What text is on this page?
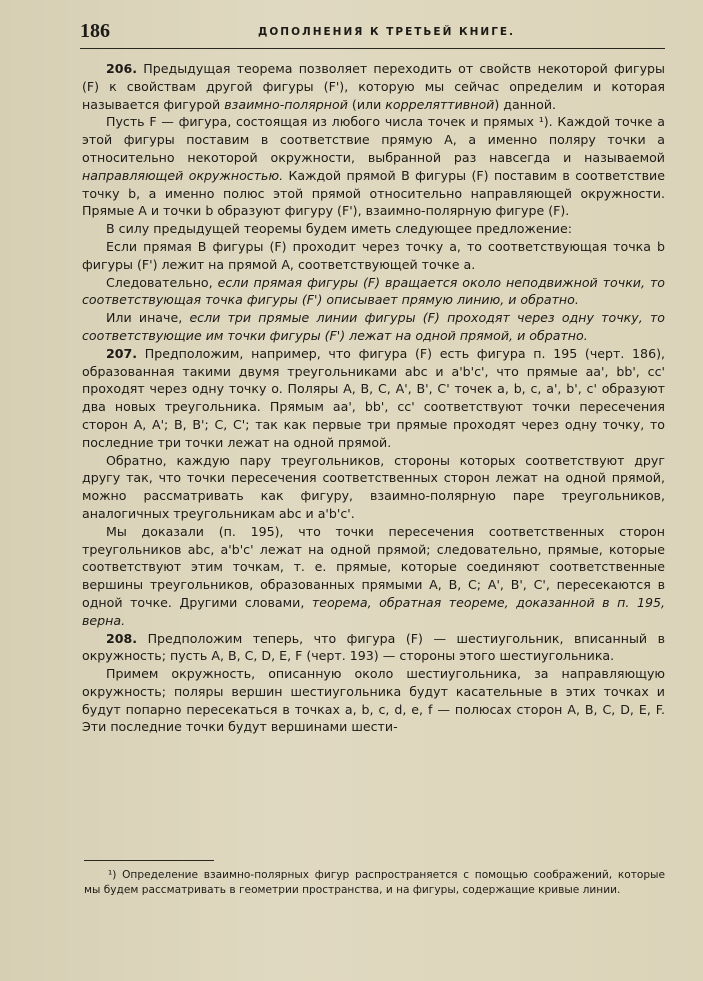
186	ДОПОЛНЕНИЯ К ТРЕТЬЕЙ КНИГЕ.

206. Предыдущая теорема позволяет переходить от свойств некоторой фигуры (F) к свойствам другой фигуры (F'), которую мы сейчас определим и которая называется фигурой взаимно-полярной (или корреляттивной) данной.

Пусть F — фигура, состоящая из любого числа точек и прямых ¹). Каждой точке a этой фигуры поставим в соответствие прямую A, а именно поляру точки a относительно некоторой окружности, выбранной раз навсегда и называемой направляющей окружностью. Каждой прямой B фигуры (F) поставим в соответствие точку b, а именно полюс этой прямой относительно направляющей окружности. Прямые A и точки b образуют фигуру (F'), взаимно-полярную фигуре (F).

В силу предыдущей теоремы будем иметь следующее предложение:

Если прямая B фигуры (F) проходит через точку a, то соответствующая точка b фигуры (F') лежит на прямой A, соответствующей точке a.

Следовательно, если прямая фигуры (F) вращается около неподвижной точки, то соответствующая точка фигуры (F') описывает прямую линию, и обратно.

Или иначе, если три прямые линии фигуры (F) проходят через одну точку, то соответствующие им точки фигуры (F') лежат на одной прямой, и обратно.

207. Предположим, например, что фигура (F) есть фигура п. 195 (черт. 186), образованная такими двумя треугольниками abc и a'b'c', что прямые aa', bb', cc' проходят через одну точку o. Поляры A, B, C, A', B', C' точек a, b, c, a', b', c' образуют два новых треугольника. Прямым aa', bb', cc' соответствуют точки пересечения сторон A, A'; B, B'; C, C'; так как первые три прямые проходят через одну точку, то последние три точки лежат на одной прямой.

Обратно, каждую пару треугольников, стороны которых соответствуют друг другу так, что точки пересечения соответственных сторон лежат на одной прямой, можно рассматривать как фигуру, взаимно-полярную паре треугольников, аналогичных треугольникам abc и a'b'c'.

Мы доказали (п. 195), что точки пересечения соответственных сторон треугольников abc, a'b'c' лежат на одной прямой; следовательно, прямые, которые соответствуют этим точкам, т. е. прямые, которые соединяют соответственные вершины треугольников, образованных прямыми A, B, C; A', B', C', пересекаются в одной точке. Другими словами, теорема, обратная теореме, доказанной в п. 195, верна.

208. Предположим теперь, что фигура (F) — шестиугольник, вписанный в окружность; пусть A, B, C, D, E, F (черт. 193) — стороны этого шестиугольника.

Примем окружность, описанную около шестиугольника, за направляющую окружность; поляры вершин шестиугольника будут касательные в этих точках и будут попарно пересекаться в точках a, b, c, d, e, f — полюсах сторон A, B, C, D, E, F. Эти последние точки будут вершинами шести-

¹) Определение взаимно-полярных фигур распространяется с помощью соображений, которые мы будем рассматривать в геометрии пространства, и на фигуры, содержащие кривые линии.
